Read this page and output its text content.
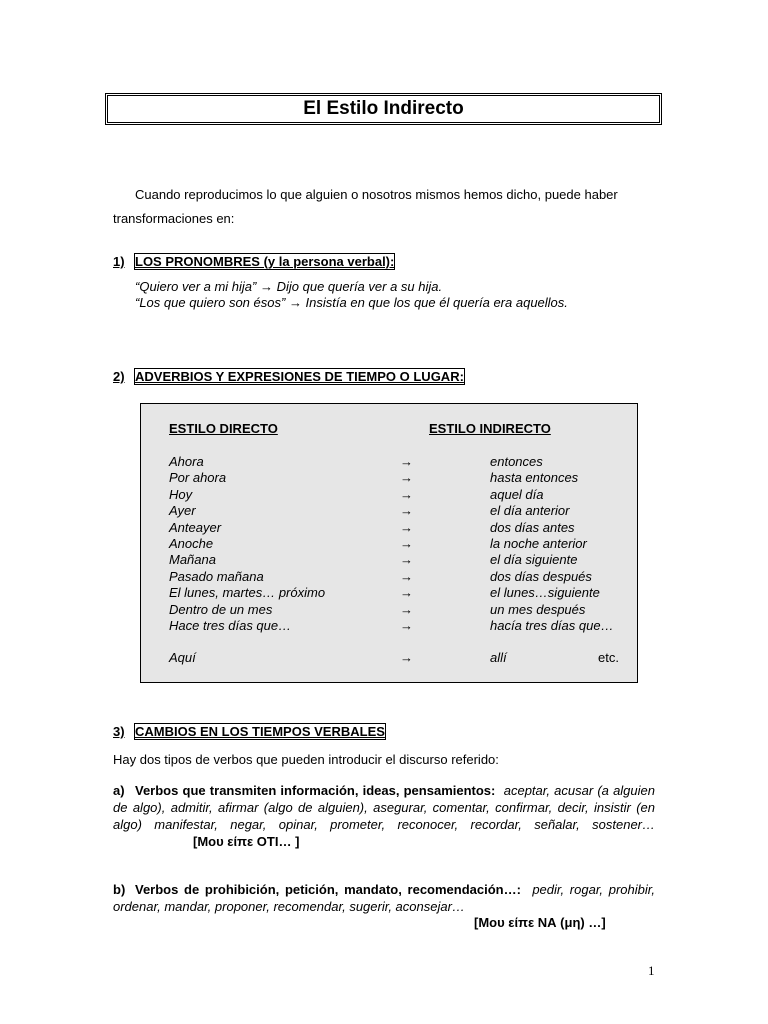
El Estilo Indirecto

Cuando reproducimos lo que alguien o nosotros mismos hemos dicho, puede haber

transformaciones en:

1) LOS PRONOMBRES (y la persona verbal):
“Quiero ver a mi hija” → Dijo que quería ver a su hija.
“Los que quiero son ésos” → Insistía en que los que él quería era aquellos.
2) ADVERBIOS Y EXPRESIONES DE TIEMPO O LUGAR:
ESTILO DIRECTO	ESTILO INDIRECTO
Ahora	→	entonces
Por ahora	→	hasta entonces
Hoy	→	aquel día
Ayer	→	el día anterior
Anteayer	→	dos días antes
Anoche	→	la noche anterior
Mañana	→	el día siguiente
Pasado mañana	→	dos días después
El lunes, martes… próximo	→	el lunes…siguiente
Dentro de un mes	→	un mes después
Hace tres días que…	→	hacía tres días que…
Aquí	→	allí	etc.
3) CAMBIOS EN LOS TIEMPOS VERBALES
Hay dos tipos de verbos que pueden introducir el discurso referido:
a) Verbos que transmiten información, ideas, pensamientos: aceptar, acusar (a alguien de algo), admitir, afirmar (algo de alguien), asegurar, comentar, confirmar, decir, insistir (en algo) manifestar, negar, opinar, prometer, reconocer, recordar, señalar, sostener… [Μου είπε ΟΤΙ… ]
b) Verbos de prohibición, petición, mandato, recomendación…: pedir, rogar, prohibir, ordenar, mandar, proponer, recomendar, sugerir, aconsejar…
[Μου είπε ΝΑ (μη) …]
1
